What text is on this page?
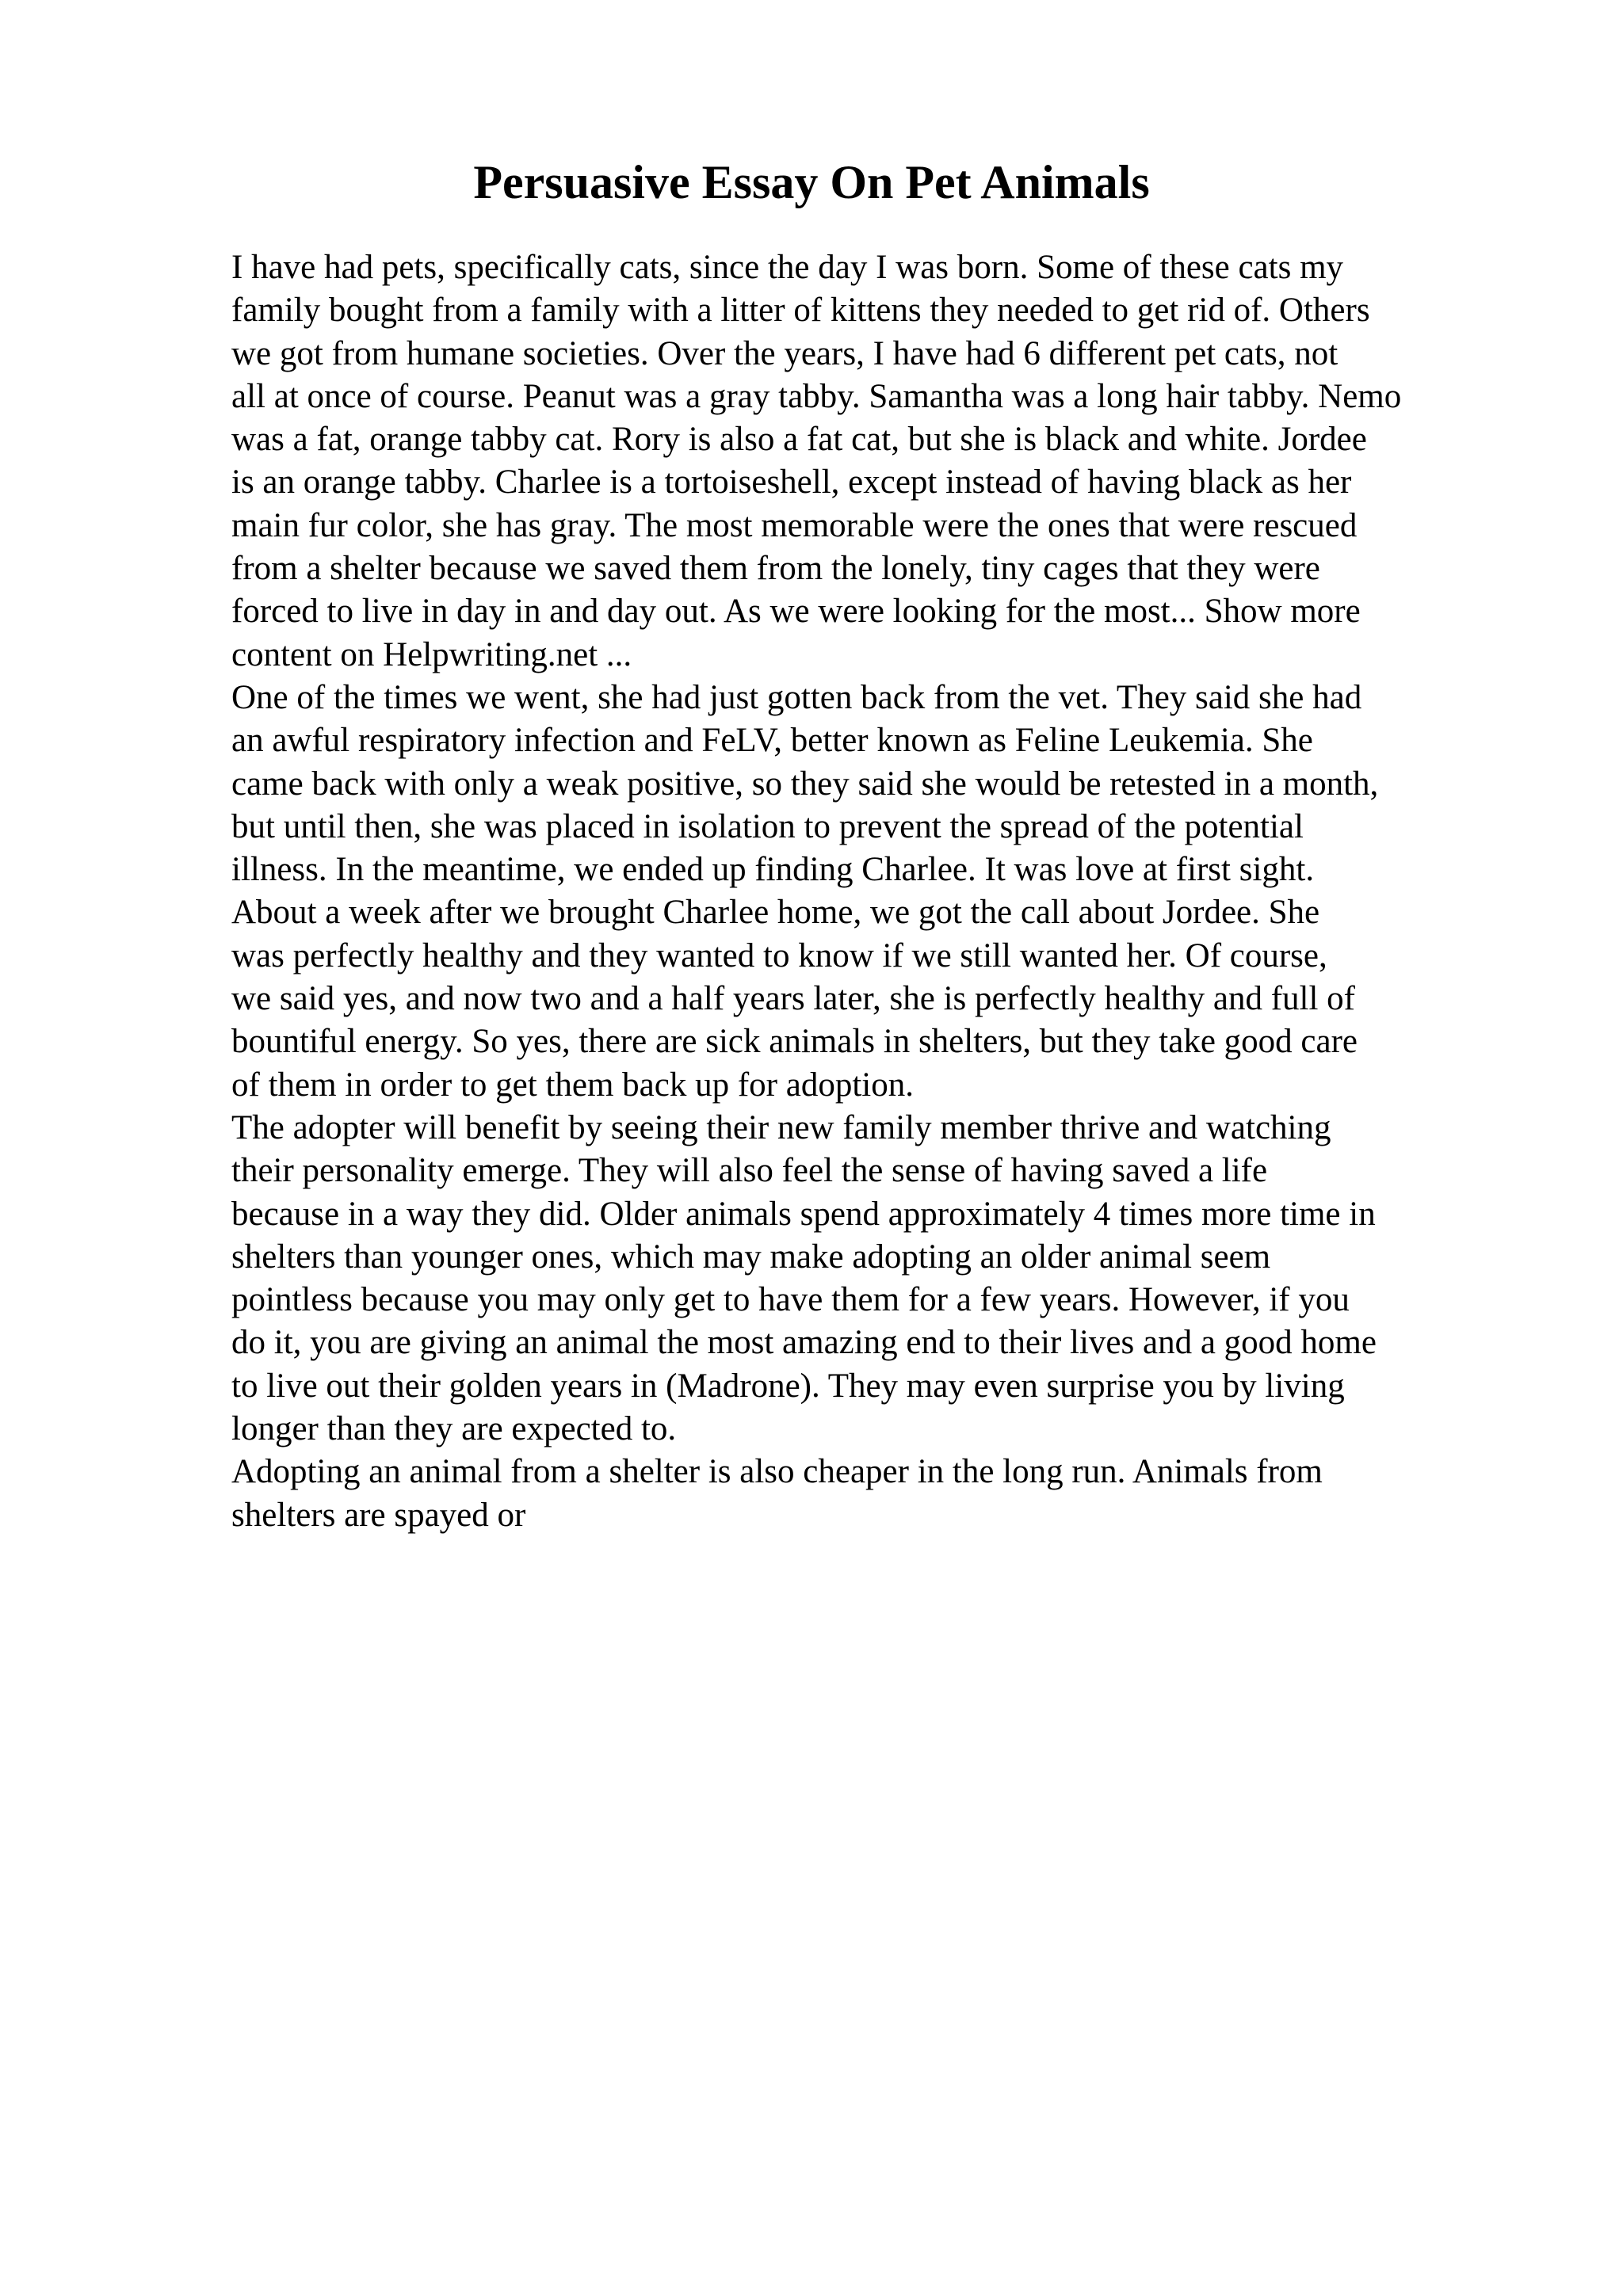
Persuasive Essay On Pet Animals
I have had pets, specifically cats, since the day I was born. Some of these cats my
family bought from a family with a litter of kittens they needed to get rid of. Others
we got from humane societies. Over the years, I have had 6 different pet cats, not
all at once of course. Peanut was a gray tabby. Samantha was a long hair tabby. Nemo
was a fat, orange tabby cat. Rory is also a fat cat, but she is black and white. Jordee
is an orange tabby. Charlee is a tortoiseshell, except instead of having black as her
main fur color, she has gray. The most memorable were the ones that were rescued
from a shelter because we saved them from the lonely, tiny cages that they were
forced to live in day in and day out. As we were looking for the most... Show more
content on Helpwriting.net ...
One of the times we went, she had just gotten back from the vet. They said she had
an awful respiratory infection and FeLV, better known as Feline Leukemia. She
came back with only a weak positive, so they said she would be retested in a month,
but until then, she was placed in isolation to prevent the spread of the potential
illness. In the meantime, we ended up finding Charlee. It was love at first sight.
About a week after we brought Charlee home, we got the call about Jordee. She
was perfectly healthy and they wanted to know if we still wanted her. Of course,
we said yes, and now two and a half years later, she is perfectly healthy and full of
bountiful energy. So yes, there are sick animals in shelters, but they take good care
of them in order to get them back up for adoption.
The adopter will benefit by seeing their new family member thrive and watching
their personality emerge. They will also feel the sense of having saved a life
because in a way they did. Older animals spend approximately 4 times more time in
shelters than younger ones, which may make adopting an older animal seem
pointless because you may only get to have them for a few years. However, if you
do it, you are giving an animal the most amazing end to their lives and a good home
to live out their golden years in (Madrone). They may even surprise you by living
longer than they are expected to.
Adopting an animal from a shelter is also cheaper in the long run. Animals from
shelters are spayed or
